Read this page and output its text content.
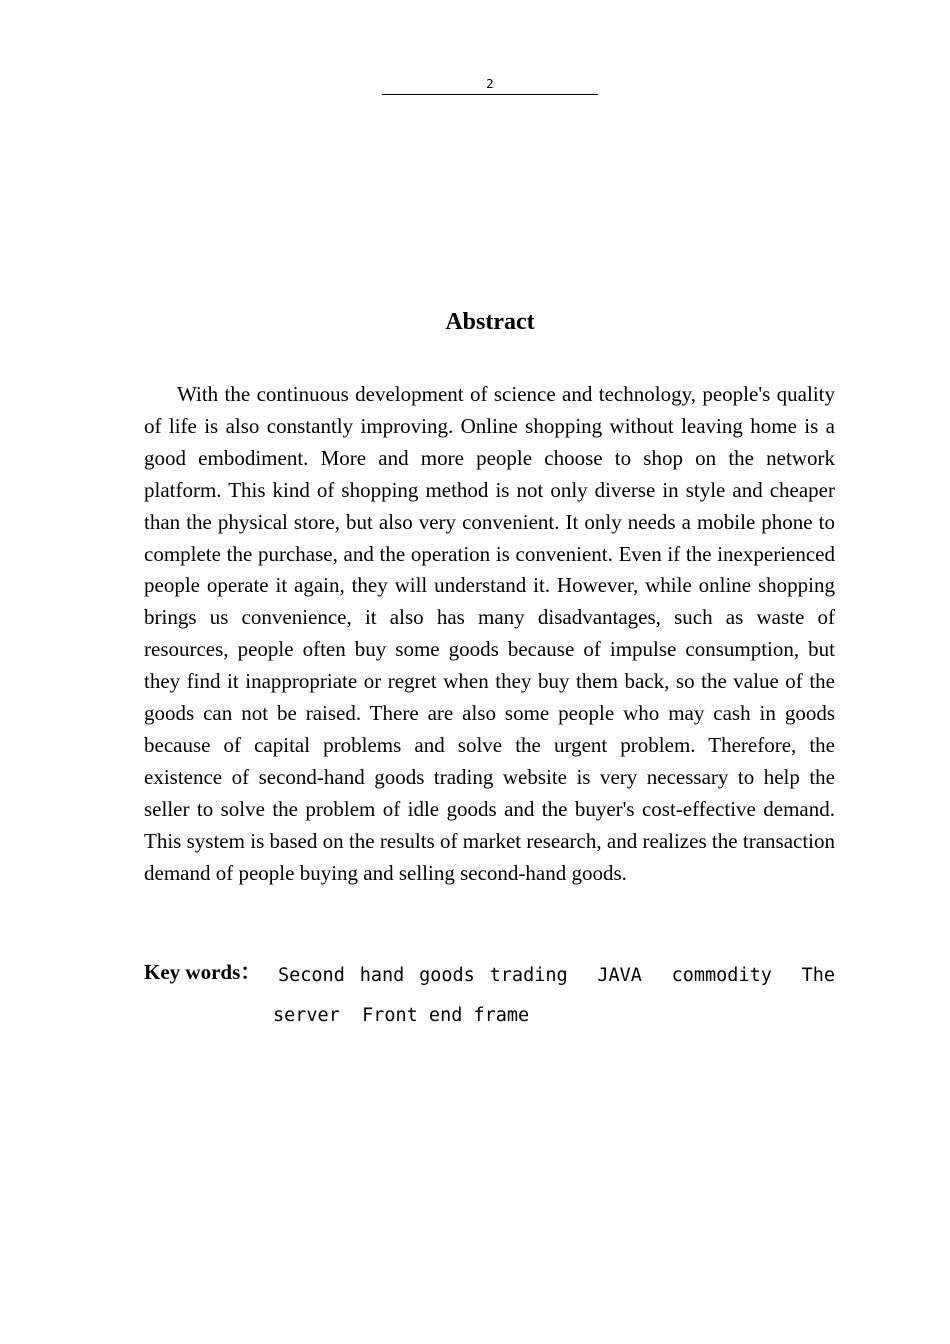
2
Abstract

With the continuous development of science and technology, people's quality of life is also constantly improving. Online shopping without leaving home is a good embodiment. More and more people choose to shop on the network platform. This kind of shopping method is not only diverse in style and cheaper than the physical store, but also very convenient. It only needs a mobile phone to complete the purchase, and the operation is convenient. Even if the inexperienced people operate it again, they will understand it. However, while online shopping brings us convenience, it also has many disadvantages, such as waste of resources, people often buy some goods because of impulse consumption, but they find it inappropriate or regret when they buy them back, so the value of the goods can not be raised. There are also some people who may cash in goods because of capital problems and solve the urgent problem. Therefore, the existence of second-hand goods trading website is very necessary to help the seller to solve the problem of idle goods and the buyer's cost-effective demand. This system is based on the results of market research, and realizes the transaction demand of people buying and selling second-hand goods.

Key words： Second hand goods trading  JAVA  commodity  The server  Front end frame
